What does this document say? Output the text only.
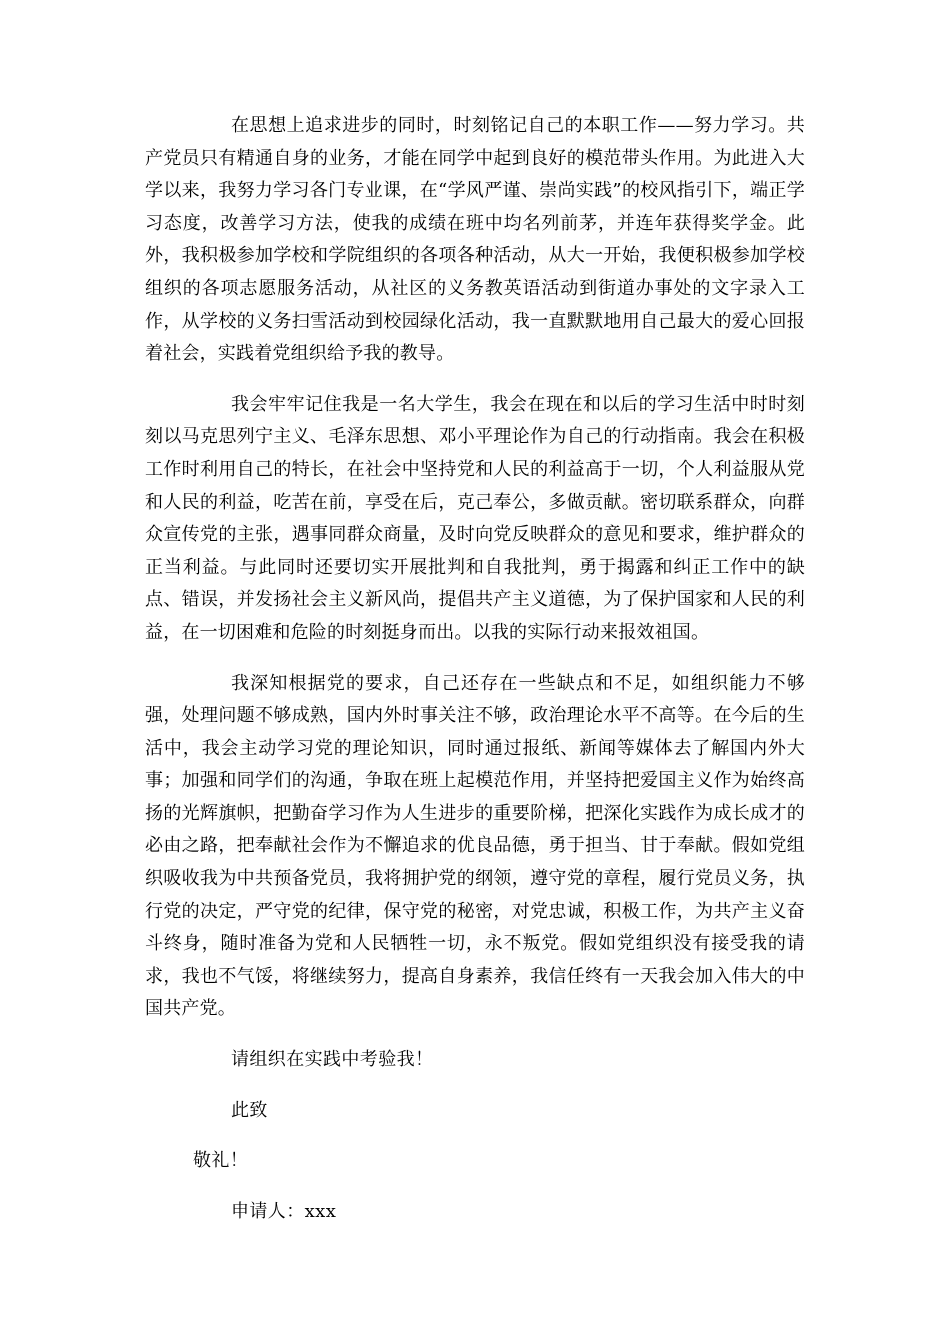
在思想上追求进步的同时，时刻铭记自己的本职工作——努力学习。共产党员只有精通自身的业务，才能在同学中起到良好的模范带头作用。为此进入大学以来，我努力学习各门专业课，在“学风严谨、崇尚实践”的校风指引下，端正学习态度，改善学习方法，使我的成绩在班中均名列前茅，并连年获得奖学金。此外，我积极参加学校和学院组织的各项各种活动，从大一开始，我便积极参加学校组织的各项志愿服务活动，从社区的义务教英语活动到街道办事处的文字录入工作，从学校的义务扫雪活动到校园绿化活动，我一直默默地用自己最大的爱心回报着社会，实践着党组织给予我的教导。

我会牢牢记住我是一名大学生，我会在现在和以后的学习生活中时时刻刻以马克思列宁主义、毛泽东思想、邓小平理论作为自己的行动指南。我会在积极工作时利用自己的特长，在社会中坚持党和人民的利益高于一切，个人利益服从党和人民的利益，吃苦在前，享受在后，克己奉公，多做贡献。密切联系群众，向群众宣传党的主张，遇事同群众商量，及时向党反映群众的意见和要求，维护群众的正当利益。与此同时还要切实开展批判和自我批判，勇于揭露和纠正工作中的缺点、错误，并发扬社会主义新风尚，提倡共产主义道德，为了保护国家和人民的利益，在一切困难和危险的时刻挺身而出。以我的实际行动来报效祖国。

我深知根据党的要求，自己还存在一些缺点和不足，如组织能力不够强，处理问题不够成熟，国内外时事关注不够，政治理论水平不高等。在今后的生活中，我会主动学习党的理论知识，同时通过报纸、新闻等媒体去了解国内外大事；加强和同学们的沟通，争取在班上起模范作用，并坚持把爱国主义作为始终高扬的光辉旗帜，把勤奋学习作为人生进步的重要阶梯，把深化实践作为成长成才的必由之路，把奉献社会作为不懈追求的优良品德，勇于担当、甘于奉献。假如党组织吸收我为中共预备党员，我将拥护党的纲领，遵守党的章程，履行党员义务，执行党的决定，严守党的纪律，保守党的秘密，对党忠诚，积极工作，为共产主义奋斗终身，随时准备为党和人民牺牲一切，永不叛党。假如党组织没有接受我的请求，我也不气馁，将继续努力，提高自身素养，我信任终有一天我会加入伟大的中国共产党。

请组织在实践中考验我！

此致

敬礼！

申请人：xxx
